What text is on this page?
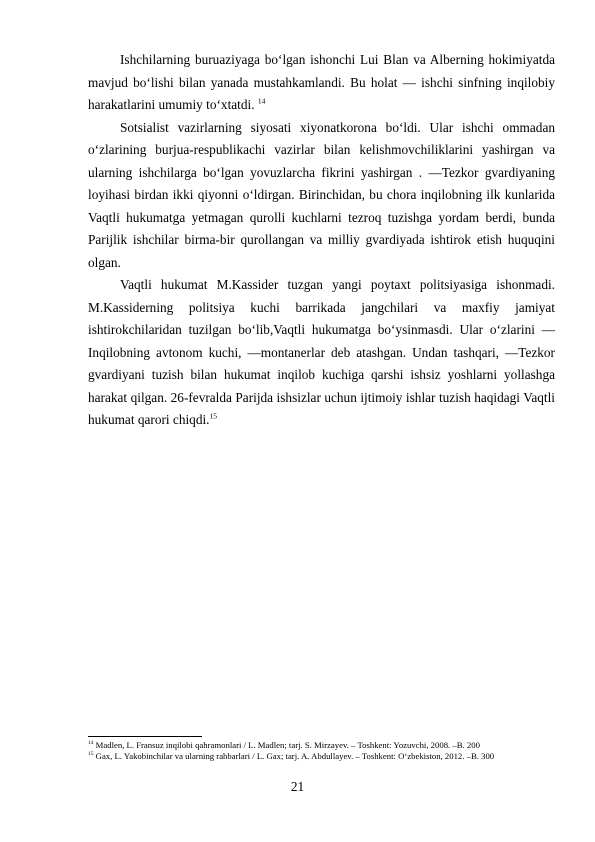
Ishchilarning buruaziyaga bo‘lgan ishonchi Lui Blan va Alberning hokimiyatda mavjud bo‘lishi bilan yanada mustahkamlandi. Bu holat — ishchi sinfning inqilobiy harakatlarini umumiy to‘xtatdi. $^{14}$

Sotsialist vazirlarning siyosati xiyonatkorona bo‘ldi. Ular ishchi ommadan o‘zlarining burjua-respublikachi vazirlar bilan kelishmovchiliklarini yashirgan va ularning ishchilarga bo‘lgan yovuzlarcha fikrini yashirgan . ―Tezkor gvardiyaning loyihasi birdan ikki qiyonni o‘ldirgan. Birinchidan, bu chora inqilobning ilk kunlarida Vaqtli hukumatga yetmagan qurolli kuchlarni tezroq tuzishga yordam berdi, bunda Parijlik ishchilar birma-bir qurollangan va milliy gvardiyada ishtirok etish huquqini olgan.

Vaqtli hukumat M.Kassider tuzgan yangi poytaxt politsiyasiga ishonmadi. M.Kassiderning politsiya kuchi barrikada jangchilari va maxfiy jamiyat ishtirokchilaridan tuzilgan bo‘lib,Vaqtli hukumatga bo‘ysinmasdi. Ular o‘zlarini ― Inqilobning avtonom kuchi, ―montanerlar deb atashgan. Undan tashqari, ―Tezkor gvardiyani tuzish bilan hukumat inqilob kuchiga qarshi ishsiz yoshlarni yollashga harakat qilgan. 26-fevralda Parijda ishsizlar uchun ijtimoiy ishlar tuzish haqidagi Vaqtli hukumat qarori chiqdi.$^{15}$

$^{14}$ Madlen, L. Fransuz inqilobi qahramonlari / L. Madlen; tarj. S. Mirzayev. – Toshkent: Yozuvchi, 2008. –B. 200

$^{15}$ Gax, L. Yakobinchilar va ularning rahbarlari / L. Gax; tarj. A. Abdullayev. – Toshkent: O‘zbekiston, 2012. –B. 300

21
